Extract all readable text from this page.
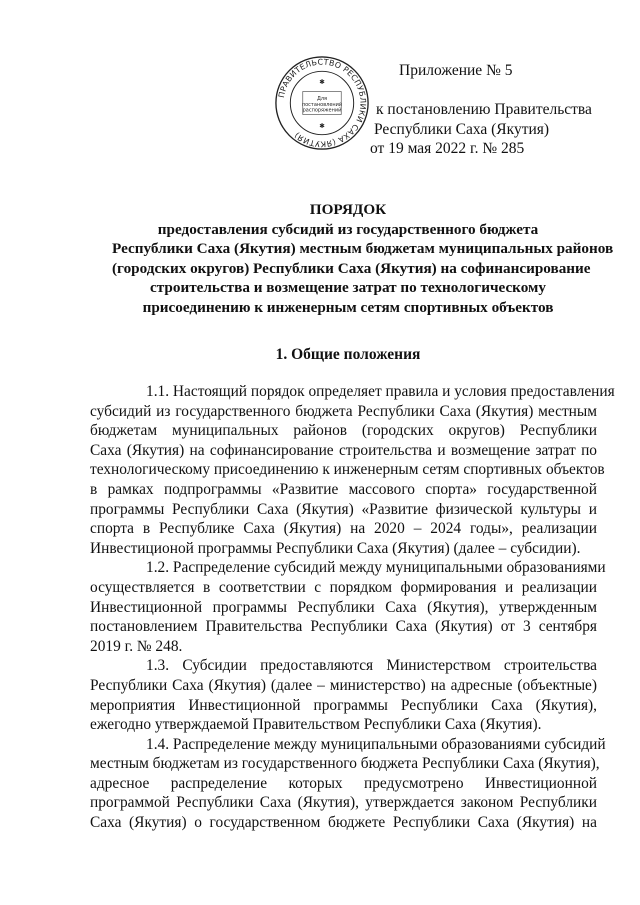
ПРАВИТЕЛЬСТВО РЕСПУБЛИКИ САХА (ЯКУТИЯ)
Для
постановлений
распоряжений
✱
✱
Приложение № 5
к постановлению Правительства
Республики Саха (Якутия)
от 19 мая 2022 г. № 285
ПОРЯДОК
предоставления субсидий из государственного бюджета
Республики Саха (Якутия) местным бюджетам муниципальных районов
(городских округов) Республики Саха (Якутия) на софинансирование
строительства и возмещение затрат по технологическому
присоединению к инженерным сетям спортивных объектов
1. Общие положения
1.1. Настоящий порядок определяет правила и условия предоставления
субсидий из государственного бюджета Республики Саха (Якутия) местным
бюджетам муниципальных районов (городских округов) Республики
Саха (Якутия) на софинансирование строительства и возмещение затрат по
технологическому присоединению к инженерным сетям спортивных объектов
в рамках подпрограммы «Развитие массового спорта» государственной
программы Республики Саха (Якутия) «Развитие физической культуры и
спорта в Республике Саха (Якутия) на 2020 – 2024 годы», реализации
Инвестиционой программы Республики Саха (Якутия) (далее – субсидии).
1.2. Распределение субсидий между муниципальными образованиями
осуществляется в соответствии с порядком формирования и реализации
Инвестиционной программы Республики Саха (Якутия), утвержденным
постановлением Правительства Республики Саха (Якутия) от 3 сентября
2019 г. № 248.
1.3. Субсидии предоставляются Министерством строительства
Республики Саха (Якутия) (далее – министерство) на адресные (объектные)
мероприятия Инвестиционной программы Республики Саха (Якутия),
ежегодно утверждаемой Правительством Республики Саха (Якутия).
1.4. Распределение между муниципальными образованиями субсидий
местным бюджетам из государственного бюджета Республики Саха (Якутия),
адресное распределение которых предусмотрено Инвестиционной
программой Республики Саха (Якутия), утверждается законом Республики
Саха (Якутия) о государственном бюджете Республики Саха (Якутия) на
